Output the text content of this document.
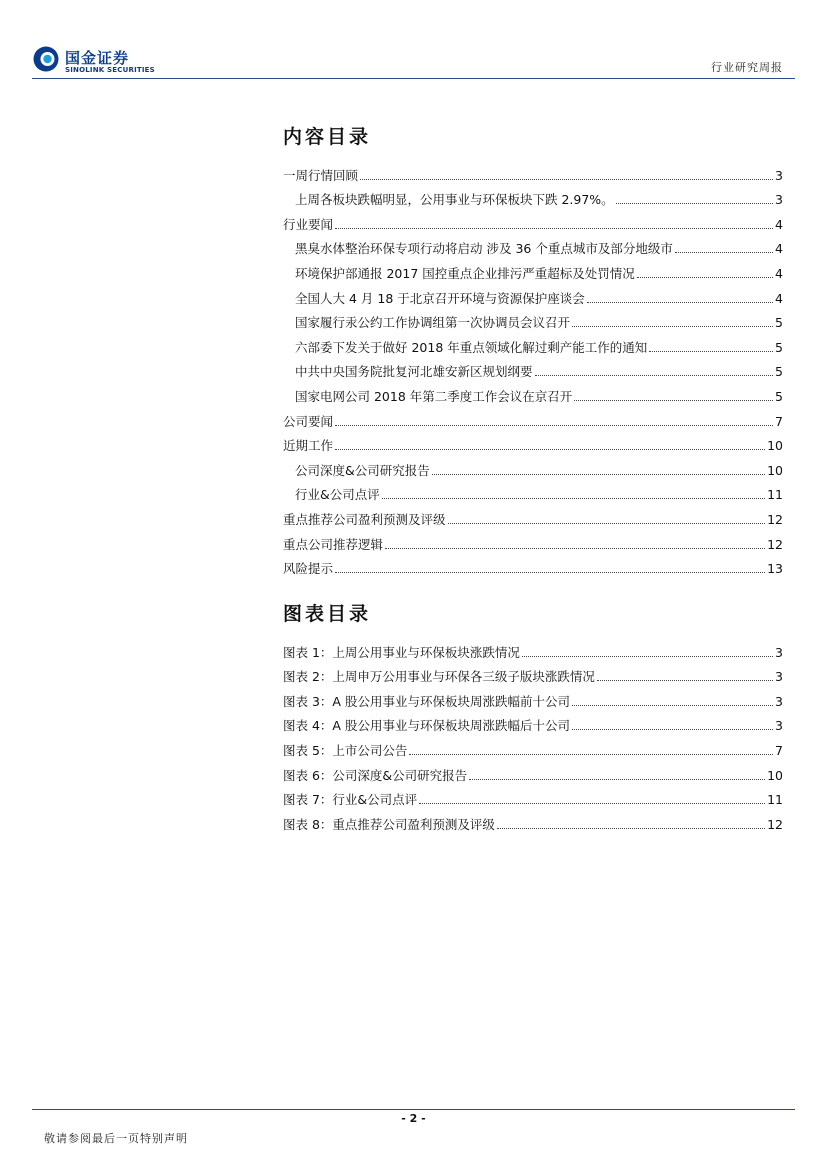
国金证券
SINOLINK SECURITIES	行业研究周报
内容目录
一周行情回顾	3
上周各板块跌幅明显，公用事业与环保板块下跌 2.97%。	3
行业要闻	4
黑臭水体整治环保专项行动将启动 涉及 36 个重点城市及部分地级市	4
环境保护部通报 2017 国控重点企业排污严重超标及处罚情况	4
全国人大 4 月 18 于北京召开环境与资源保护座谈会	4
国家履行汞公约工作协调组第一次协调员会议召开	5
六部委下发关于做好 2018 年重点领域化解过剩产能工作的通知	5
中共中央国务院批复河北雄安新区规划纲要	5
国家电网公司 2018 年第二季度工作会议在京召开	5
公司要闻	7
近期工作	10
公司深度&公司研究报告	10
行业&公司点评	11
重点推荐公司盈利预测及评级	12
重点公司推荐逻辑	12
风险提示	13
图表目录
图表 1：上周公用事业与环保板块涨跌情况	3
图表 2：上周申万公用事业与环保各三级子版块涨跌情况	3
图表 3：A 股公用事业与环保板块周涨跌幅前十公司	3
图表 4：A 股公用事业与环保板块周涨跌幅后十公司	3
图表 5：上市公司公告	7
图表 6：公司深度&公司研究报告	10
图表 7：行业&公司点评	11
图表 8：重点推荐公司盈利预测及评级	12
- 2 -
敬请参阅最后一页特别声明
